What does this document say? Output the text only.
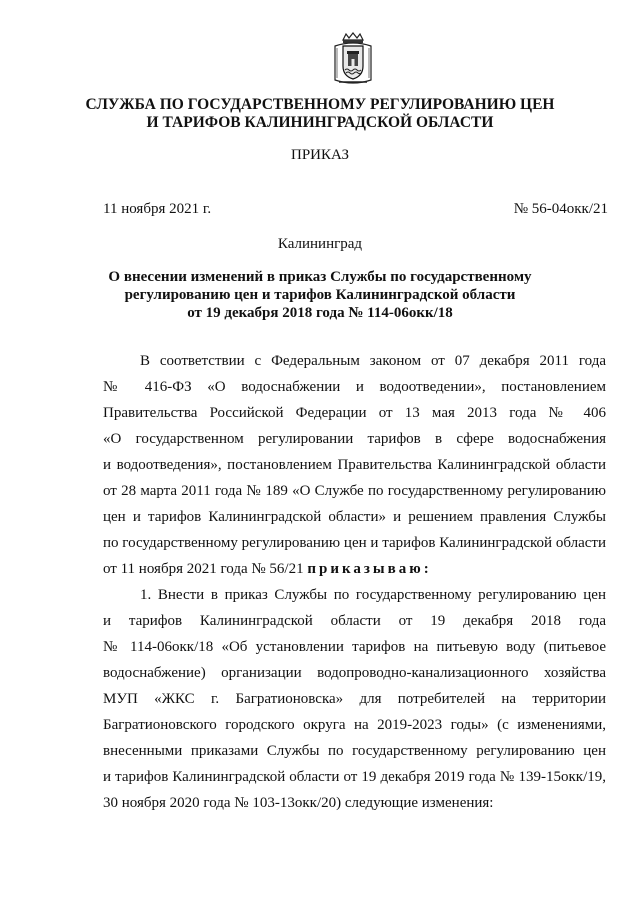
СЛУЖБА ПО ГОСУДАРСТВЕННОМУ РЕГУЛИРОВАНИЮ ЦЕН
И ТАРИФОВ КАЛИНИНГРАДСКОЙ ОБЛАСТИ
ПРИКАЗ
11 ноября 2021 г.	№ 56-04окк/21
Калининград
О внесении изменений в приказ Службы по государственному
регулированию цен и тарифов Калининградской области
от 19 декабря 2018 года № 114-06окк/18
В соответствии с Федеральным законом от 07 декабря 2011 года
№ 416-ФЗ «О водоснабжении и водоотведении», постановлением
Правительства Российской Федерации от 13 мая 2013 года № 406
«О государственном регулировании тарифов в сфере водоснабжения
и водоотведения», постановлением Правительства Калининградской области
от 28 марта 2011 года № 189 «О Службе по государственному регулированию
цен и тарифов Калининградской области» и решением правления Службы
по государственному регулированию цен и тарифов Калининградской области
от 11 ноября 2021 года № 56/21 приказываю:
1. Внести в приказ Службы по государственному регулированию цен
и тарифов Калининградской области от 19 декабря 2018 года
№ 114-06окк/18 «Об установлении тарифов на питьевую воду (питьевое
водоснабжение) организации водопроводно-канализационного хозяйства
МУП «ЖКС г. Багратионовска» для потребителей на территории
Багратионовского городского округа на 2019-2023 годы» (с изменениями,
внесенными приказами Службы по государственному регулированию цен
и тарифов Калининградской области от 19 декабря 2019 года № 139-15окк/19,
30 ноября 2020 года № 103-13окк/20) следующие изменения:
